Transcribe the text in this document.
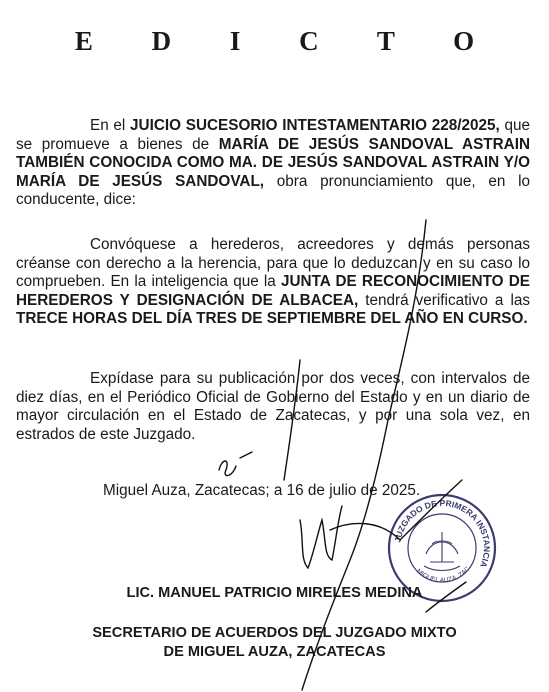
E D I C T O
En el JUICIO SUCESORIO INTESTAMENTARIO 228/2025, que se promueve a bienes de MARÍA DE JESÚS SANDOVAL ASTRAIN TAMBIÉN CONOCIDA COMO MA. DE JESÚS SANDOVAL ASTRAIN Y/O MARÍA DE JESÚS SANDOVAL, obra pronunciamiento que, en lo conducente, dice:
Convóquese a herederos, acreedores y demás personas créanse con derecho a la herencia, para que lo deduzcan y en su caso lo comprueben. En la inteligencia que la JUNTA DE RECONOCIMIENTO DE HEREDEROS Y DESIGNACIÓN DE ALBACEA, tendrá verificativo a las TRECE HORAS DEL DÍA TRES DE SEPTIEMBRE DEL AÑO EN CURSO.
Expídase para su publicación por dos veces, con intervalos de diez días, en el Periódico Oficial de Gobierno del Estado y en un diario de mayor circulación en el Estado de Zacatecas, y por una sola vez, en estrados de este Juzgado.
Miguel Auza, Zacatecas; a 16 de julio de 2025.
JUZGADO DE PRIMERA INSTANCIA
MIGUEL AUZA, ZAC.
LIC. MANUEL PATRICIO MIRELES MEDINA
SECRETARIO DE ACUERDOS DEL JUZGADO MIXTO
DE MIGUEL AUZA, ZACATECAS
